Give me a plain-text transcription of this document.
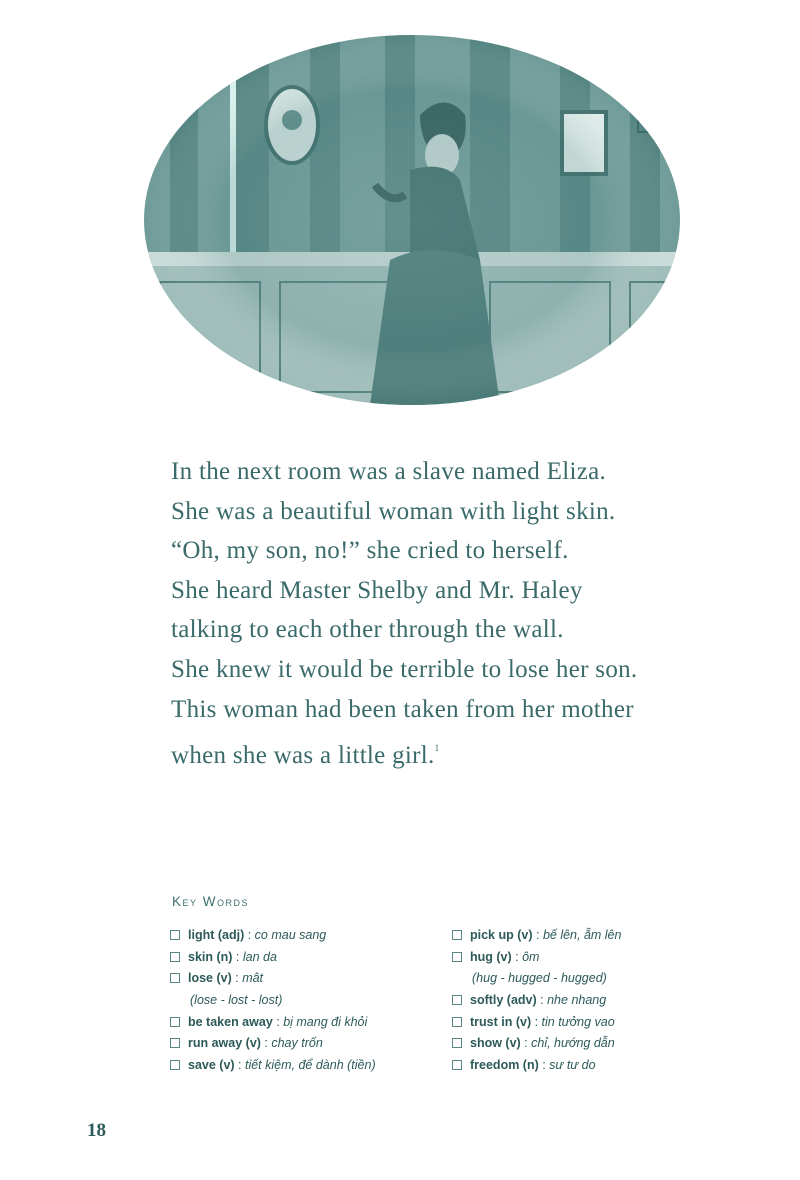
In the next room was a slave named Eliza.

She was a beautiful woman with light skin.

“Oh, my son, no!” she cried to herself.

She heard Master Shelby and Mr. Haley

talking to each other through the wall.

She knew it would be terrible to lose her son.

This woman had been taken from her mother

when she was a little girl.$^1$

Key Words
light (adj) : co mau sang
skin (n) : lan da
lose (v) : mât
(lose - lost - lost)
be taken away : bị mang đi khỏi
run away (v) : chay trốn
save (v) : tiết kiệm, để dành (tiền)
pick up (v) : bế lên, ẵm lên
hug (v) : ôm
(hug - hugged - hugged)
softly (adv) : nhe nhang
trust in (v) : tin tưởng vao
show (v) : chỉ, hướng dẫn
freedom (n) : sư tư do
18
